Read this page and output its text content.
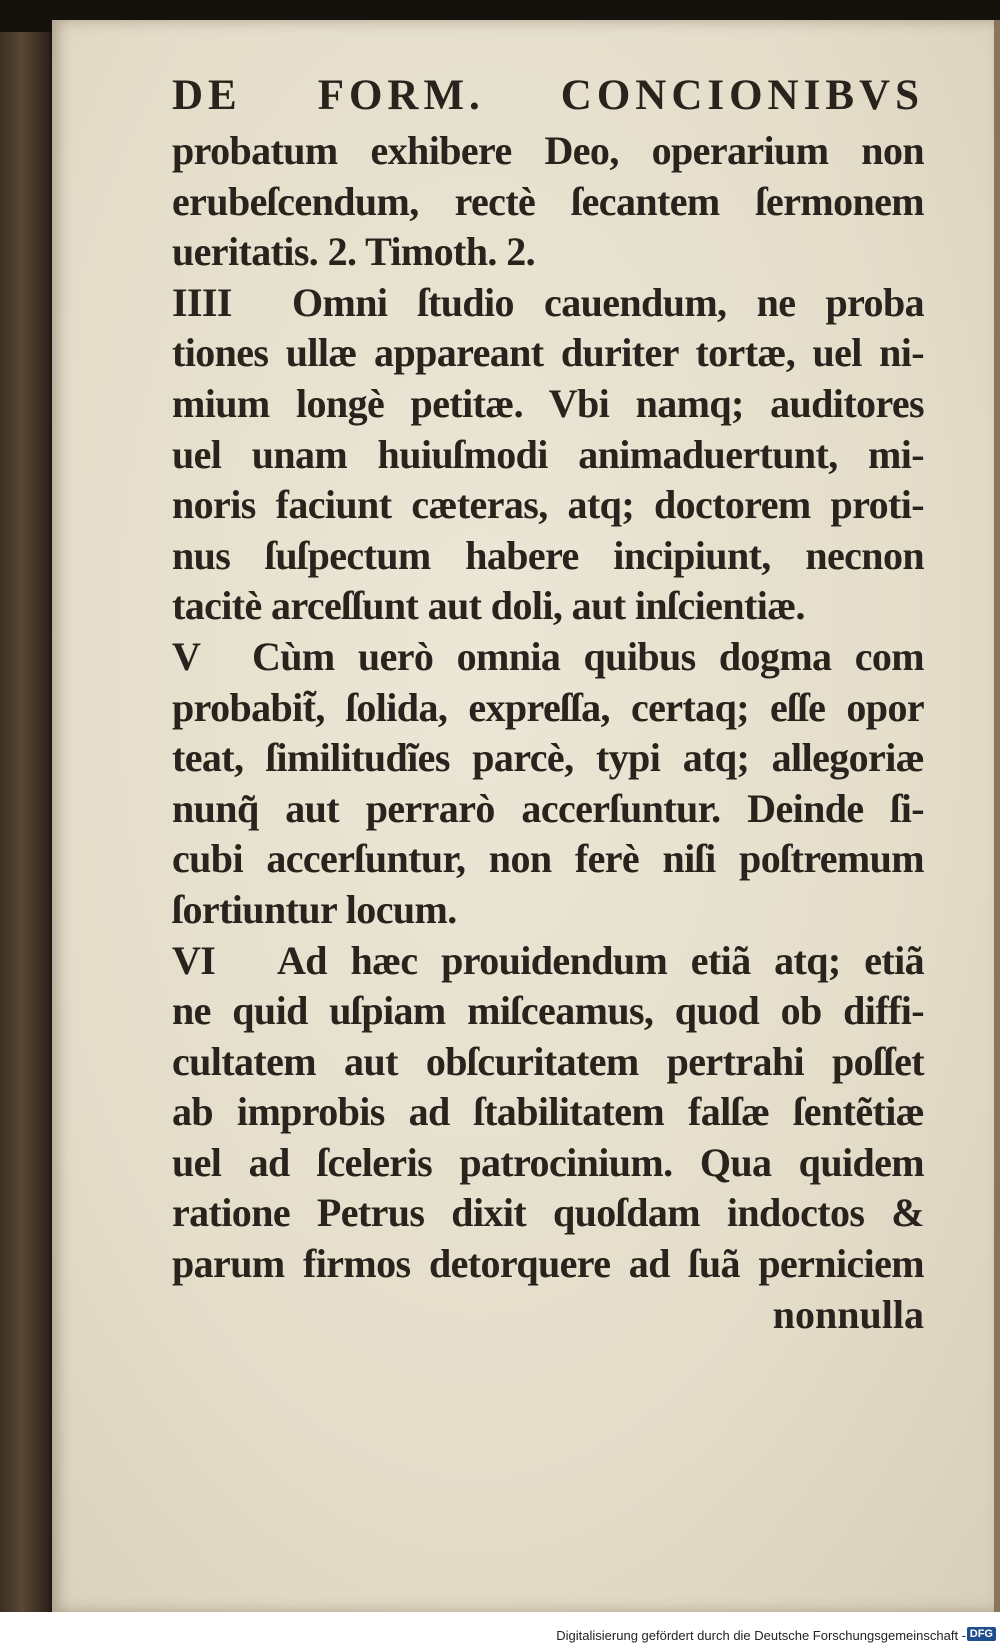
DE FORM. CONCIONIBVS
probatum exhibere Deo, operarium non
erubeſcendum, rectè ſecantem ſermonem
ueritatis. 2. Timoth. 2.
IIII Omni ſtudio cauendum, ne proba
tiones ullæ appareant duriter tortæ, uel ni-
mium longè petitæ. Vbi namq; auditores
uel unam huiuſmodi animaduertunt, mi-
noris faciunt cæteras, atq; doctorem proti-
nus ſuſpectum habere incipiunt, necnon
tacitè arceſſunt aut doli, aut inſcientiæ.
V Cùm uerò omnia quibus dogma com
probabit̃, ſolida, expreſſa, certaq; eſſe opor
teat, ſimilitudĩes parcè, typi atq; allegoriæ
nunq̃ aut perrarò accerſuntur. Deinde ſi-
cubi accerſuntur, non ferè niſi poſtremum
ſortiuntur locum.
VI Ad hæc prouidendum etiã atq; etiã
ne quid uſpiam miſceamus, quod ob diffi-
cultatem aut obſcuritatem pertrahi poſſet
ab improbis ad ſtabilitatem falſæ ſentẽtiæ
uel ad ſceleris patrocinium. Qua quidem
ratione Petrus dixit quoſdam indoctos &
parum firmos detorquere ad ſuã perniciem
nonnulla
Digitalisierung gefördert durch die Deutsche Forschungsgemeinschaft - DFG
